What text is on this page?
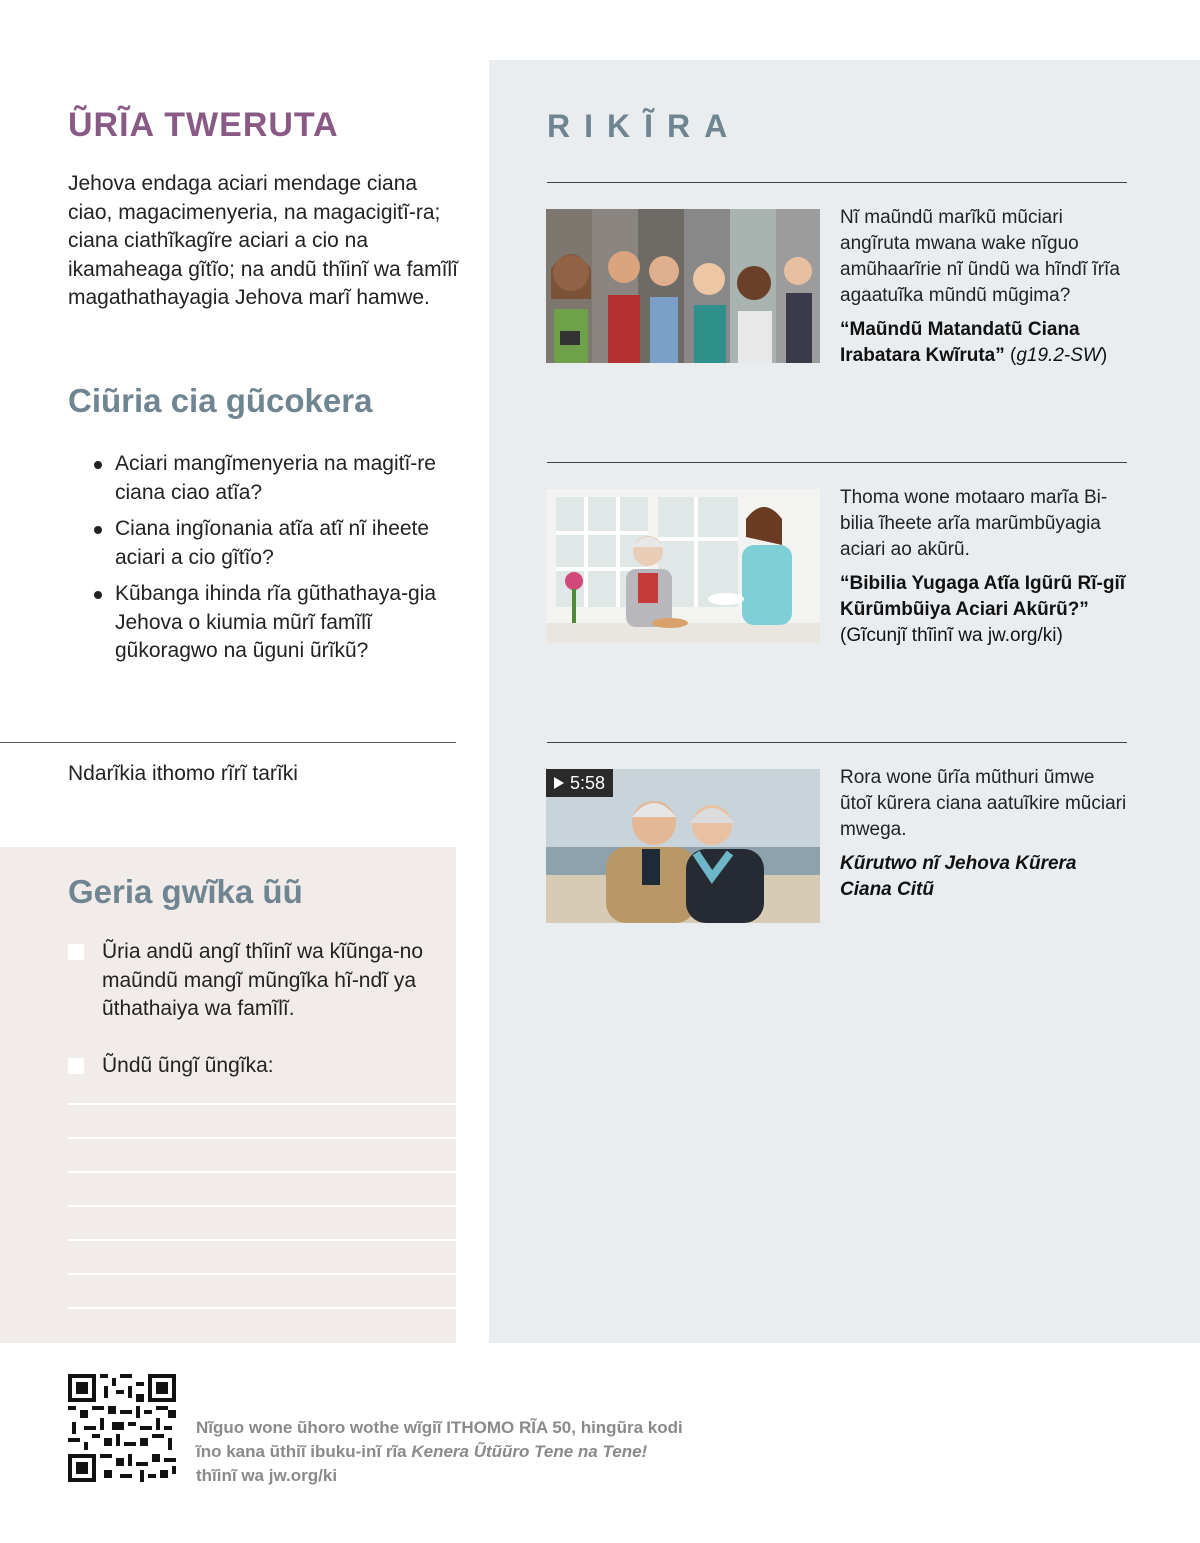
ŨRĨA TWERUTA

Jehova endaga aciari mendage ciana ciao, magacimenyeria, na magacigitĩ-ra; ciana ciathĩkagĩre aciari a cio na ikamaheaga gĩtĩo; na andũ thĩinĩ wa famĩlĩ magathathayagia Jehova marĩ hamwe.

Ciũria cia gũcokera
Aciari mangĩmenyeria na magitĩ-re ciana ciao atĩa?
Ciana ingĩonania atĩa atĩ nĩ iheete aciari a cio gĩtĩo?
Kũbanga ihinda rĩa gũthathaya-gia Jehova o kiumia mũrĩ famĩlĩ gũkoragwo na ũguni ũrĩkũ?
Ndarĩkia ithomo rĩrĩ tarĩki
Geria gwĩka ũũ
Ũria andũ angĩ thĩinĩ wa kĩũnga-no maũndũ mangĩ mũngĩka hĩ-ndĩ ya ũthathaiya wa famĩlĩ.
Ũndũ ũngĩ ũngĩka:
RIKĨRA

Nĩ maũndũ marĩkũ mũciari angĩruta mwana wake nĩguo amũhaarĩrie nĩ ũndũ wa hĩndĩ ĩrĩa agaatuĩka mũndũ mũgima?

“Maũndũ Matandatũ Ciana Irabatara Kwĩruta” (g19.2-SW)

Thoma wone motaaro marĩa Bi-bilia ĩheete arĩa marũmbũyagia aciari ao akũrũ.

“Bibilia Yugaga Atĩa Igũrũ Rĩ-giĩ Kũrũmbũiya Aciari Akũrũ?”
(Gĩcunjĩ thĩinĩ wa jw.org/ki)

5:58	Rora wone ũrĩa mũthuri ũmwe ũtoĩ kũrera ciana aatuĩkire mũciari mwega.

Kũrutwo nĩ Jehova Kũrera Ciana Citũ

Nĩguo wone ũhoro wothe wĩgiĩ ITHOMO RĨA 50, hingũra kodi
ĩno kana ũthiĩ ibuku-inĩ rĩa Kenera Ũtũũro Tene na Tene!
thĩinĩ wa jw.org/ki
